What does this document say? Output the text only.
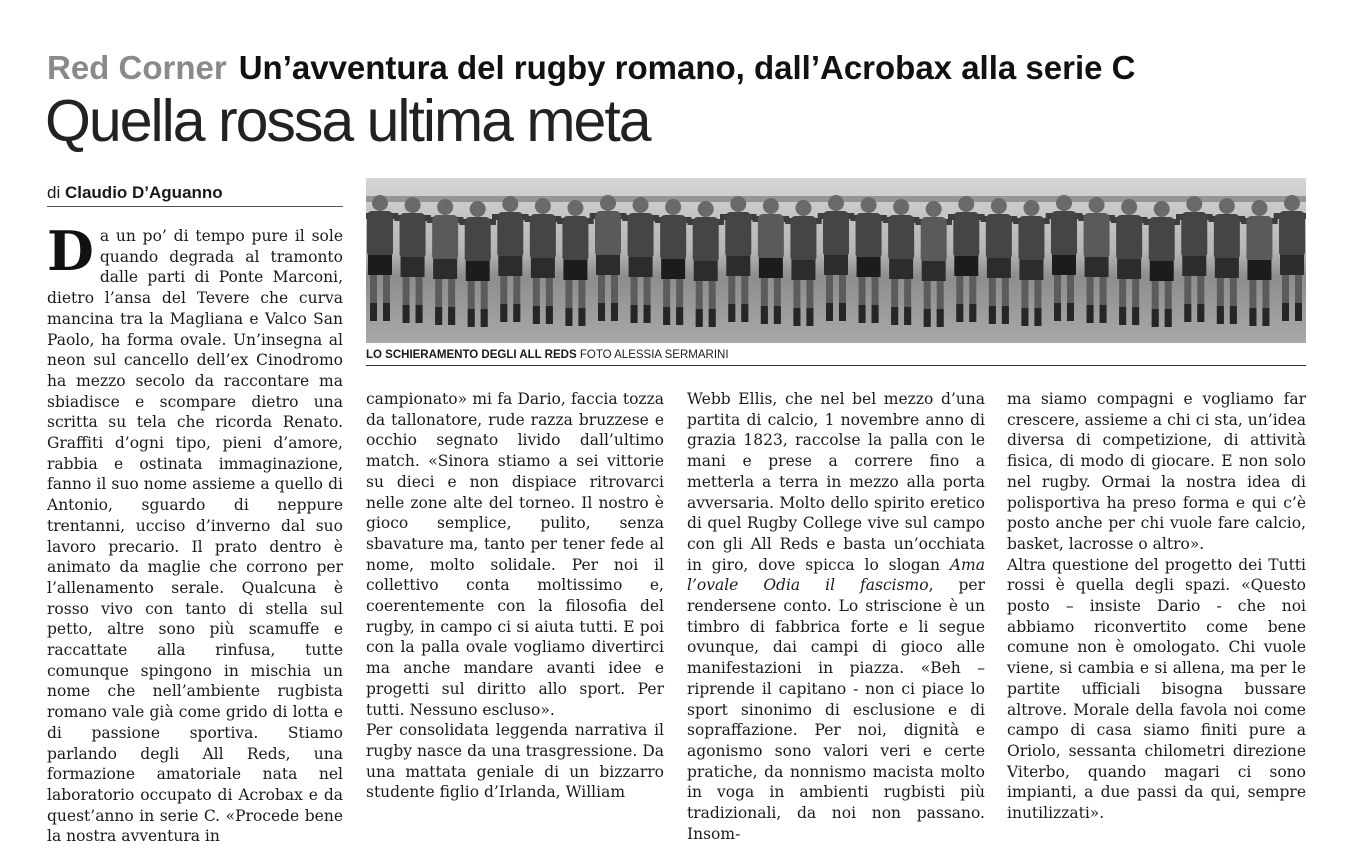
Red Corner Un’avventura del rugby romano, dall’Acrobax alla serie C
Quella rossa ultima meta
di Claudio D’Aguanno
LO SCHIERAMENTO DEGLI ALL REDS FOTO ALESSIA SERMARINI

Da un po’ di tempo pure il sole quando degrada al tramonto dalle parti di Ponte Marconi, dietro l’ansa del Tevere che curva mancina tra la Magliana e Valco San Paolo, ha forma ovale. Un’insegna al neon sul cancello dell’ex Cinodromo ha mezzo secolo da raccontare ma sbiadisce e scompare dietro una scritta su tela che ricorda Renato. Graffiti d’ogni tipo, pieni d’amore, rabbia e ostinata immaginazione, fanno il suo nome assieme a quello di Antonio, sguardo di neppure trentanni, ucciso d’inverno dal suo lavoro precario. Il prato dentro è animato da maglie che corrono per l’allenamento serale. Qualcuna è rosso vivo con tanto di stella sul petto, altre sono più scamuffe e raccattate alla rinfusa, tutte comunque spingono in mischia un nome che nell’ambiente rugbista romano vale già come grido di lotta e di passione sportiva. Stiamo parlando degli All Reds, una formazione amatoriale nata nel laboratorio occupato di Acrobax e da quest’anno in serie C. «Procede bene la nostra avventura in

campionato» mi fa Dario, faccia tozza da tallonatore, rude razza bruzzese e occhio segnato livido dall’ultimo match. «Sinora stiamo a sei vittorie su dieci e non dispiace ritrovarci nelle zone alte del torneo. Il nostro è gioco semplice, pulito, senza sbavature ma, tanto per tener fede al nome, molto solidale. Per noi il collettivo conta moltissimo e, coerentemente con la filosofia del rugby, in campo ci si aiuta tutti. E poi con la palla ovale vogliamo divertirci ma anche mandare avanti idee e progetti sul diritto allo sport. Per tutti. Nessuno escluso».

Per consolidata leggenda narrativa il rugby nasce da una trasgressione. Da una mattata geniale di un bizzarro studente figlio d’Irlanda, William

Webb Ellis, che nel bel mezzo d’una partita di calcio, 1 novembre anno di grazia 1823, raccolse la palla con le mani e prese a correre fino a metterla a terra in mezzo alla porta avversaria. Molto dello spirito eretico di quel Rugby College vive sul campo con gli All Reds e basta un’occhiata in giro, dove spicca lo slogan Ama l’ovale Odia il fascismo, per rendersene conto. Lo striscione è un timbro di fabbrica forte e li segue ovunque, dai campi di gioco alle manifestazioni in piazza. «Beh – riprende il capitano - non ci piace lo sport sinonimo di esclusione e di sopraffazione. Per noi, dignità e agonismo sono valori veri e certe pratiche, da nonnismo macista molto in voga in ambienti rugbisti più tradizionali, da noi non passano. Insom-

ma siamo compagni e vogliamo far crescere, assieme a chi ci sta, un’idea diversa di competizione, di attività fisica, di modo di giocare. E non solo nel rugby. Ormai la nostra idea di polisportiva ha preso forma e qui c’è posto anche per chi vuole fare calcio, basket, lacrosse o altro».

Altra questione del progetto dei Tutti rossi è quella degli spazi. «Questo posto – insiste Dario - che noi abbiamo riconvertito come bene comune non è omologato. Chi vuole viene, si cambia e si allena, ma per le partite ufficiali bisogna bussare altrove. Morale della favola noi come campo di casa siamo finiti pure a Oriolo, sessanta chilometri direzione Viterbo, quando magari ci sono impianti, a due passi da qui, sempre inutilizzati».
